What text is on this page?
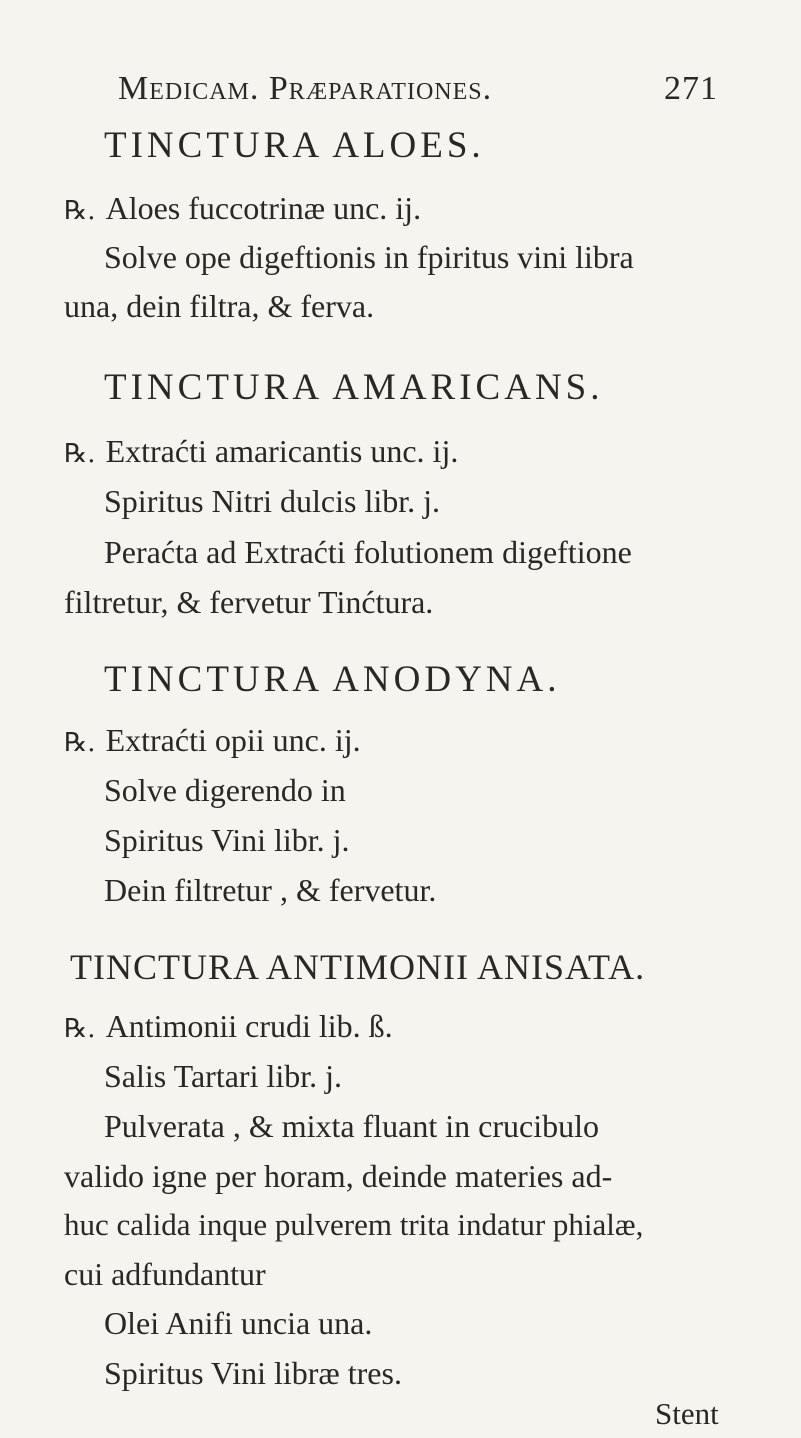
Medicam. Præparationes.	271
TINCTURA ALOES.
℞. Aloes fuccotrinæ unc. ij.
Solve ope digeftionis in fpiritus vini libra
una, dein filtra, & ferva.
TINCTURA AMARICANS.
℞. Extraćti amaricantis unc. ij.
Spiritus Nitri dulcis libr. j.
Peraćta ad Extraćti folutionem digeftione
filtretur, & fervetur Tinćtura.
TINCTURA ANODYNA.
℞. Extraćti opii unc. ij.
Solve digerendo in
Spiritus Vini libr. j.
Dein filtretur , & fervetur.
TINCTURA ANTIMONII ANISATA.
℞. Antimonii crudi lib. ß.
Salis Tartari libr. j.
Pulverata , & mixta fluant in crucibulo
valido igne per horam, deinde materies ad-
huc calida inque pulverem trita indatur phialæ,
cui adfundantur
Olei Anifi uncia una.
Spiritus Vini libræ tres.
Stent
